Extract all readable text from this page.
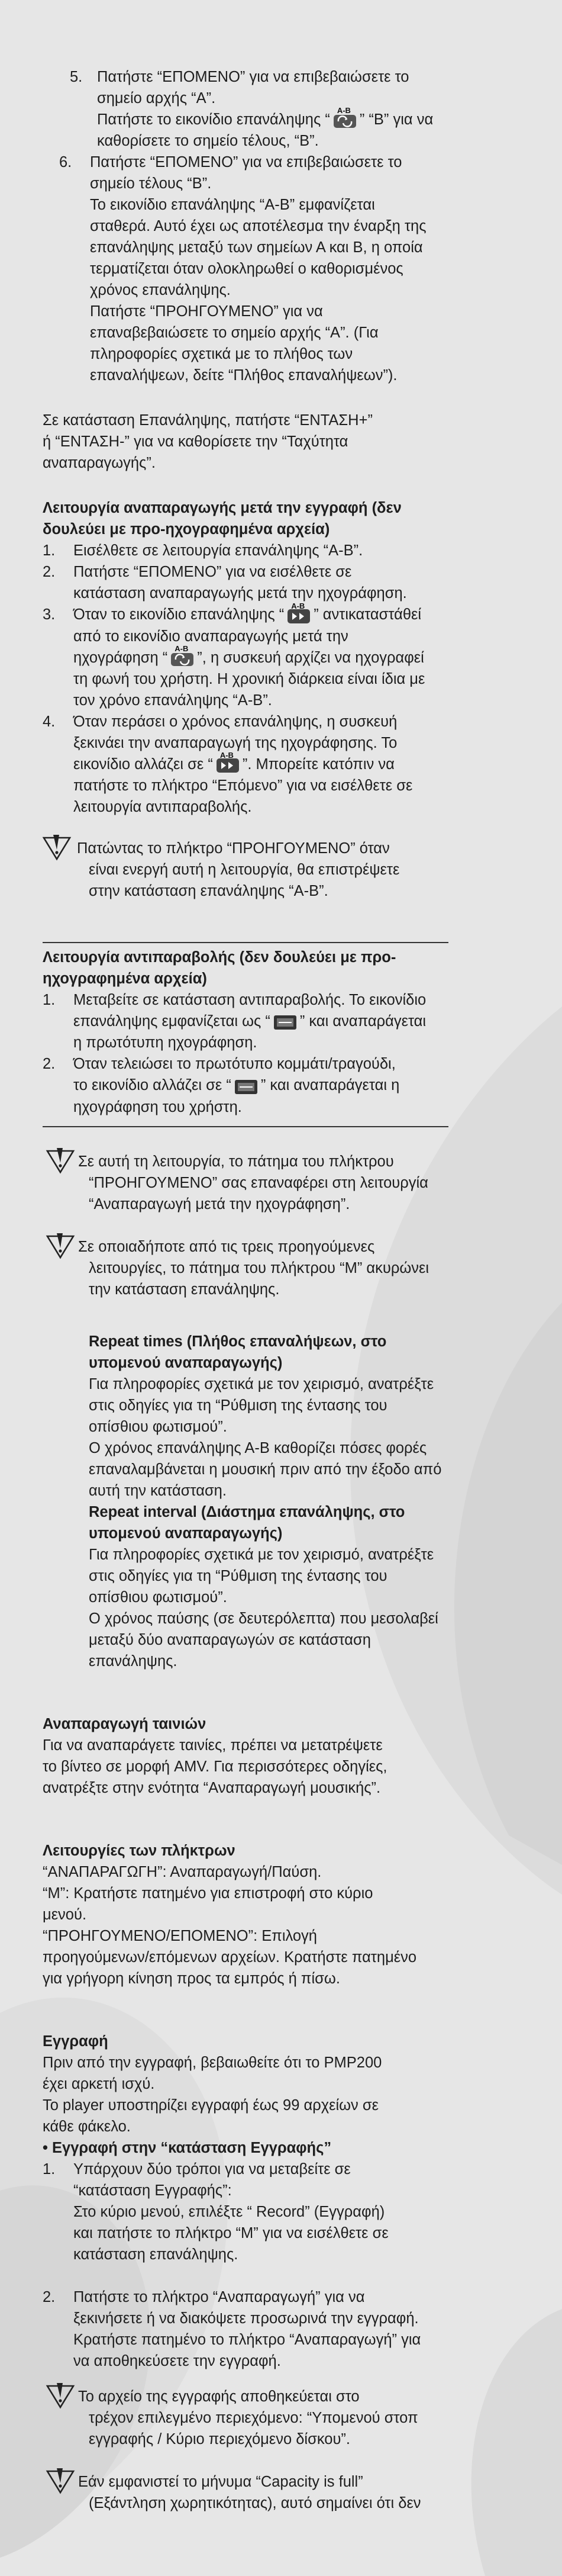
5. Πατήστε “ΕΠΟΜΕΝΟ” για να επιβεβαιώσετε το

σημείο αρχής “Α”.

Πατήστε το εικονίδιο επανάληψης “
A-B
” “Β” για να

καθορίσετε το σημείο τέλους, “Β”.

6. Πατήστε “ΕΠΟΜΕΝΟ” για να επιβεβαιώσετε το

σημείο τέλους “Β”.

Το εικονίδιο επανάληψης “Α-Β” εμφανίζεται

σταθερά. Αυτό έχει ως αποτέλεσμα την έναρξη της

επανάληψης μεταξύ των σημείων Α και Β, η οποία

τερματίζεται όταν ολοκληρωθεί ο καθορισμένος

χρόνος επανάληψης.

Πατήστε “ΠΡΟΗΓΟΥΜΕΝΟ” για να

επαναβεβαιώσετε το σημείο αρχής “Α”. (Για

πληροφορίες σχετικά με το πλήθος των

επαναλήψεων, δείτε “Πλήθος επαναλήψεων”).

Σε κατάσταση Επανάληψης, πατήστε “ΕΝΤΑΣΗ+”

ή “ΕΝΤΑΣΗ-” για να καθορίσετε την “Ταχύτητα

αναπαραγωγής”.

Λειτουργία αναπαραγωγής μετά την εγγραφή (δεν

δουλεύει με προ-ηχογραφημένα αρχεία)

1. Εισέλθετε σε λειτουργία επανάληψης “Α-Β”.

2. Πατήστε “ΕΠΟΜΕΝΟ” για να εισέλθετε σε

κατάσταση αναπαραγωγής μετά την ηχογράφηση.

3. Όταν το εικονίδιο επανάληψης “
A-B
” αντικαταστάθεί

από το εικονίδιο αναπαραγωγής μετά την

ηχογράφηση “
A-B
”, η συσκευή αρχίζει να ηχογραφεί

τη φωνή του χρήστη. Η χρονική διάρκεια είναι ίδια με

τον χρόνο επανάληψης “Α-Β”.

4. Όταν περάσει ο χρόνος επανάληψης, η συσκευή

ξεκινάει την αναπαραγωγή της ηχογράφησης. Το

εικονίδιο αλλάζει σε “
A-B
”. Μπορείτε κατόπιν να

πατήστε το πλήκτρο “Επόμενο” για να εισέλθετε σε

λειτουργία αντιπαραβολής.

Πατώντας το πλήκτρο “ΠΡΟΗΓΟΥΜΕΝΟ” όταν

είναι ενεργή αυτή η λειτουργία, θα επιστρέψετε

στην κατάσταση επανάληψης “Α-Β”.

Λειτουργία αντιπαραβολής (δεν δουλεύει με προ-

ηχογραφημένα αρχεία)

1. Μεταβείτε σε κατάσταση αντιπαραβολής. Το εικονίδιο

επανάληψης εμφανίζεται ως “ ” και αναπαράγεται

η πρωτότυπη ηχογράφηση.

2. Όταν τελειώσει το πρωτότυπο κομμάτι/τραγούδι,

το εικονίδιο αλλάζει σε “ ” και αναπαράγεται η

ηχογράφηση του χρήστη.

Σε αυτή τη λειτουργία, το πάτημα του πλήκτρου

“ΠΡΟΗΓΟΥΜΕΝΟ” σας επαναφέρει στη λειτουργία

“Αναπαραγωγή μετά την ηχογράφηση”.

Σε οποιαδήποτε από τις τρεις προηγούμενες

λειτουργίες, το πάτημα του πλήκτρου “M” ακυρώνει

την κατάσταση επανάληψης.

Repeat times (Πλήθος επαναλήψεων, στο

υπομενού αναπαραγωγής)

Για πληροφορίες σχετικά με τον χειρισμό, ανατρέξτε

στις οδηγίες για τη “Ρύθμιση της έντασης του

οπίσθιου φωτισμού”.

Ο χρόνος επανάληψης Α-Β καθορίζει πόσες φορές

επαναλαμβάνεται η μουσική πριν από την έξοδο από

αυτή την κατάσταση.

Repeat interval (Διάστημα επανάληψης, στο

υπομενού αναπαραγωγής)

Για πληροφορίες σχετικά με τον χειρισμό, ανατρέξτε

στις οδηγίες για τη “Ρύθμιση της έντασης του

οπίσθιου φωτισμού”.

Ο χρόνος παύσης (σε δευτερόλεπτα) που μεσολαβεί

μεταξύ δύο αναπαραγωγών σε κατάσταση

επανάληψης.

Αναπαραγωγή ταινιών

Για να αναπαράγετε ταινίες, πρέπει να μετατρέψετε

το βίντεο σε μορφή AMV. Για περισσότερες οδηγίες,

ανατρέξτε στην ενότητα “Αναπαραγωγή μουσικής”.

Λειτουργίες των πλήκτρων

“ΑΝΑΠΑΡΑΓΩΓΗ”: Αναπαραγωγή/Παύση.

“M”: Κρατήστε πατημένο για επιστροφή στο κύριο

μενού.

“ΠΡΟΗΓΟΥΜΕΝΟ/ΕΠΟΜΕΝΟ”: Επιλογή

προηγούμενων/επόμενων αρχείων. Κρατήστε πατημένο

για γρήγορη κίνηση προς τα εμπρός ή πίσω.

Εγγραφή

Πριν από την εγγραφή, βεβαιωθείτε ότι το PMP200

έχει αρκετή ισχύ.

Το player υποστηρίζει εγγραφή έως 99 αρχείων σε

κάθε φάκελο.

• Εγγραφή στην “κατάσταση Εγγραφής”

1. Υπάρχουν δύο τρόποι για να μεταβείτε σε

“κατάσταση Εγγραφής”:

Στο κύριο μενού, επιλέξτε “ Record” (Εγγραφή)

και πατήστε το πλήκτρο “M” για να εισέλθετε σε

κατάσταση επανάληψης.

2. Πατήστε το πλήκτρο “Αναπαραγωγή” για να

ξεκινήσετε ή να διακόψετε προσωρινά την εγγραφή.

Κρατήστε πατημένο το πλήκτρο “Αναπαραγωγή” για

να αποθηκεύσετε την εγγραφή.

Το αρχείο της εγγραφής αποθηκεύεται στο

τρέχον επιλεγμένο περιεχόμενο: “Υπομενού στοπ

εγγραφής / Κύριο περιεχόμενο δίσκου”.

Εάν εμφανιστεί το μήνυμα “Capacity is full”

(Εξάντληση χωρητικότητας), αυτό σημαίνει ότι δεν
